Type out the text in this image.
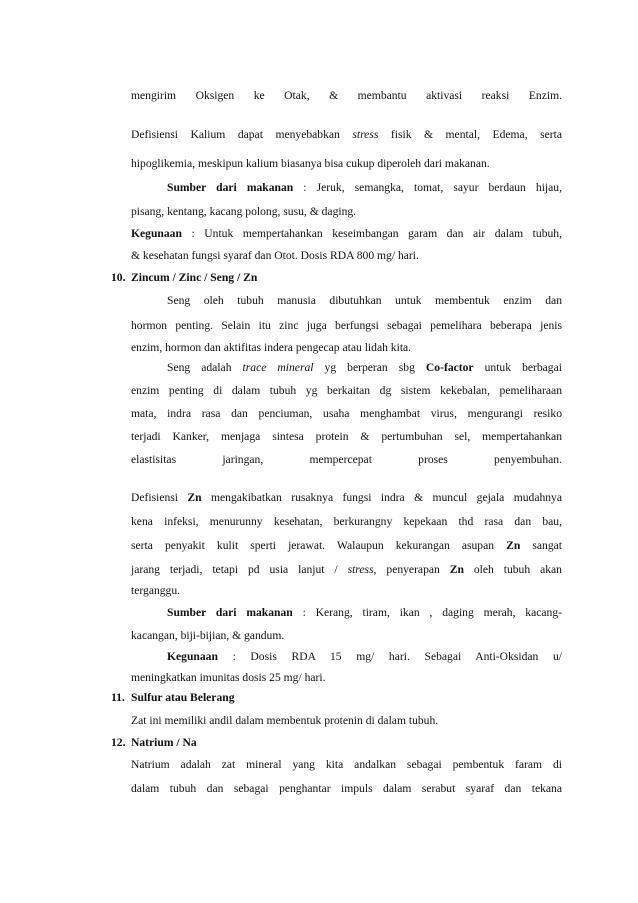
mengirim Oksigen ke Otak, & membantu aktivasi reaksi Enzim.
Defisiensi Kalium dapat menyebabkan stress fisik & mental, Edema, serta
hipoglikemia, meskipun kalium biasanya bisa cukup diperoleh dari makanan.
Sumber dari makanan : Jeruk, semangka, tomat, sayur berdaun hijau,
pisang, kentang, kacang polong, susu, & daging.
Kegunaan : Untuk mempertahankan keseimbangan garam dan air dalam tubuh,
& kesehatan fungsi syaraf dan Otot. Dosis RDA 800 mg/ hari.
10. Zincum / Zinc / Seng / Zn
Seng oleh tubuh manusia dibutuhkan untuk membentuk enzim dan
hormon penting. Selain itu zinc juga berfungsi sebagai pemelihara beberapa jenis
enzim, hormon dan aktifitas indera pengecap atau lidah kita.
Seng adalah trace mineral yg berperan sbg Co-factor untuk berbagai
enzim penting di dalam tubuh yg berkaitan dg sistem kekebalan, pemeliharaan
mata, indra rasa dan penciuman, usaha menghambat virus, mengurangi resiko
terjadi Kanker, menjaga sintesa protein & pertumbuhan sel, mempertahankan
elastisitas jaringan, mempercepat proses penyembuhan.
Defisiensi Zn mengakibatkan rusaknya fungsi indra & muncul gejala mudahnya
kena infeksi, menurunny kesehatan, berkurangny kepekaan thd rasa dan bau,
serta penyakit kulit sperti jerawat. Walaupun kekurangan asupan Zn sangat
jarang terjadi, tetapi pd usia lanjut / stress, penyerapan Zn oleh tubuh akan
terganggu.
Sumber dari makanan : Kerang, tiram, ikan , daging merah, kacang-
kacangan, biji-bijian, & gandum.
Kegunaan : Dosis RDA 15 mg/ hari. Sebagai Anti-Oksidan u/
meningkatkan imunitas dosis 25 mg/ hari.
11. Sulfur atau Belerang
Zat ini memiliki andil dalam membentuk protenin di dalam tubuh.
12. Natrium / Na
Natrium adalah zat mineral yang kita andalkan sebagai pembentuk faram di
dalam tubuh dan sebagai penghantar impuls dalam serabut syaraf dan tekana
